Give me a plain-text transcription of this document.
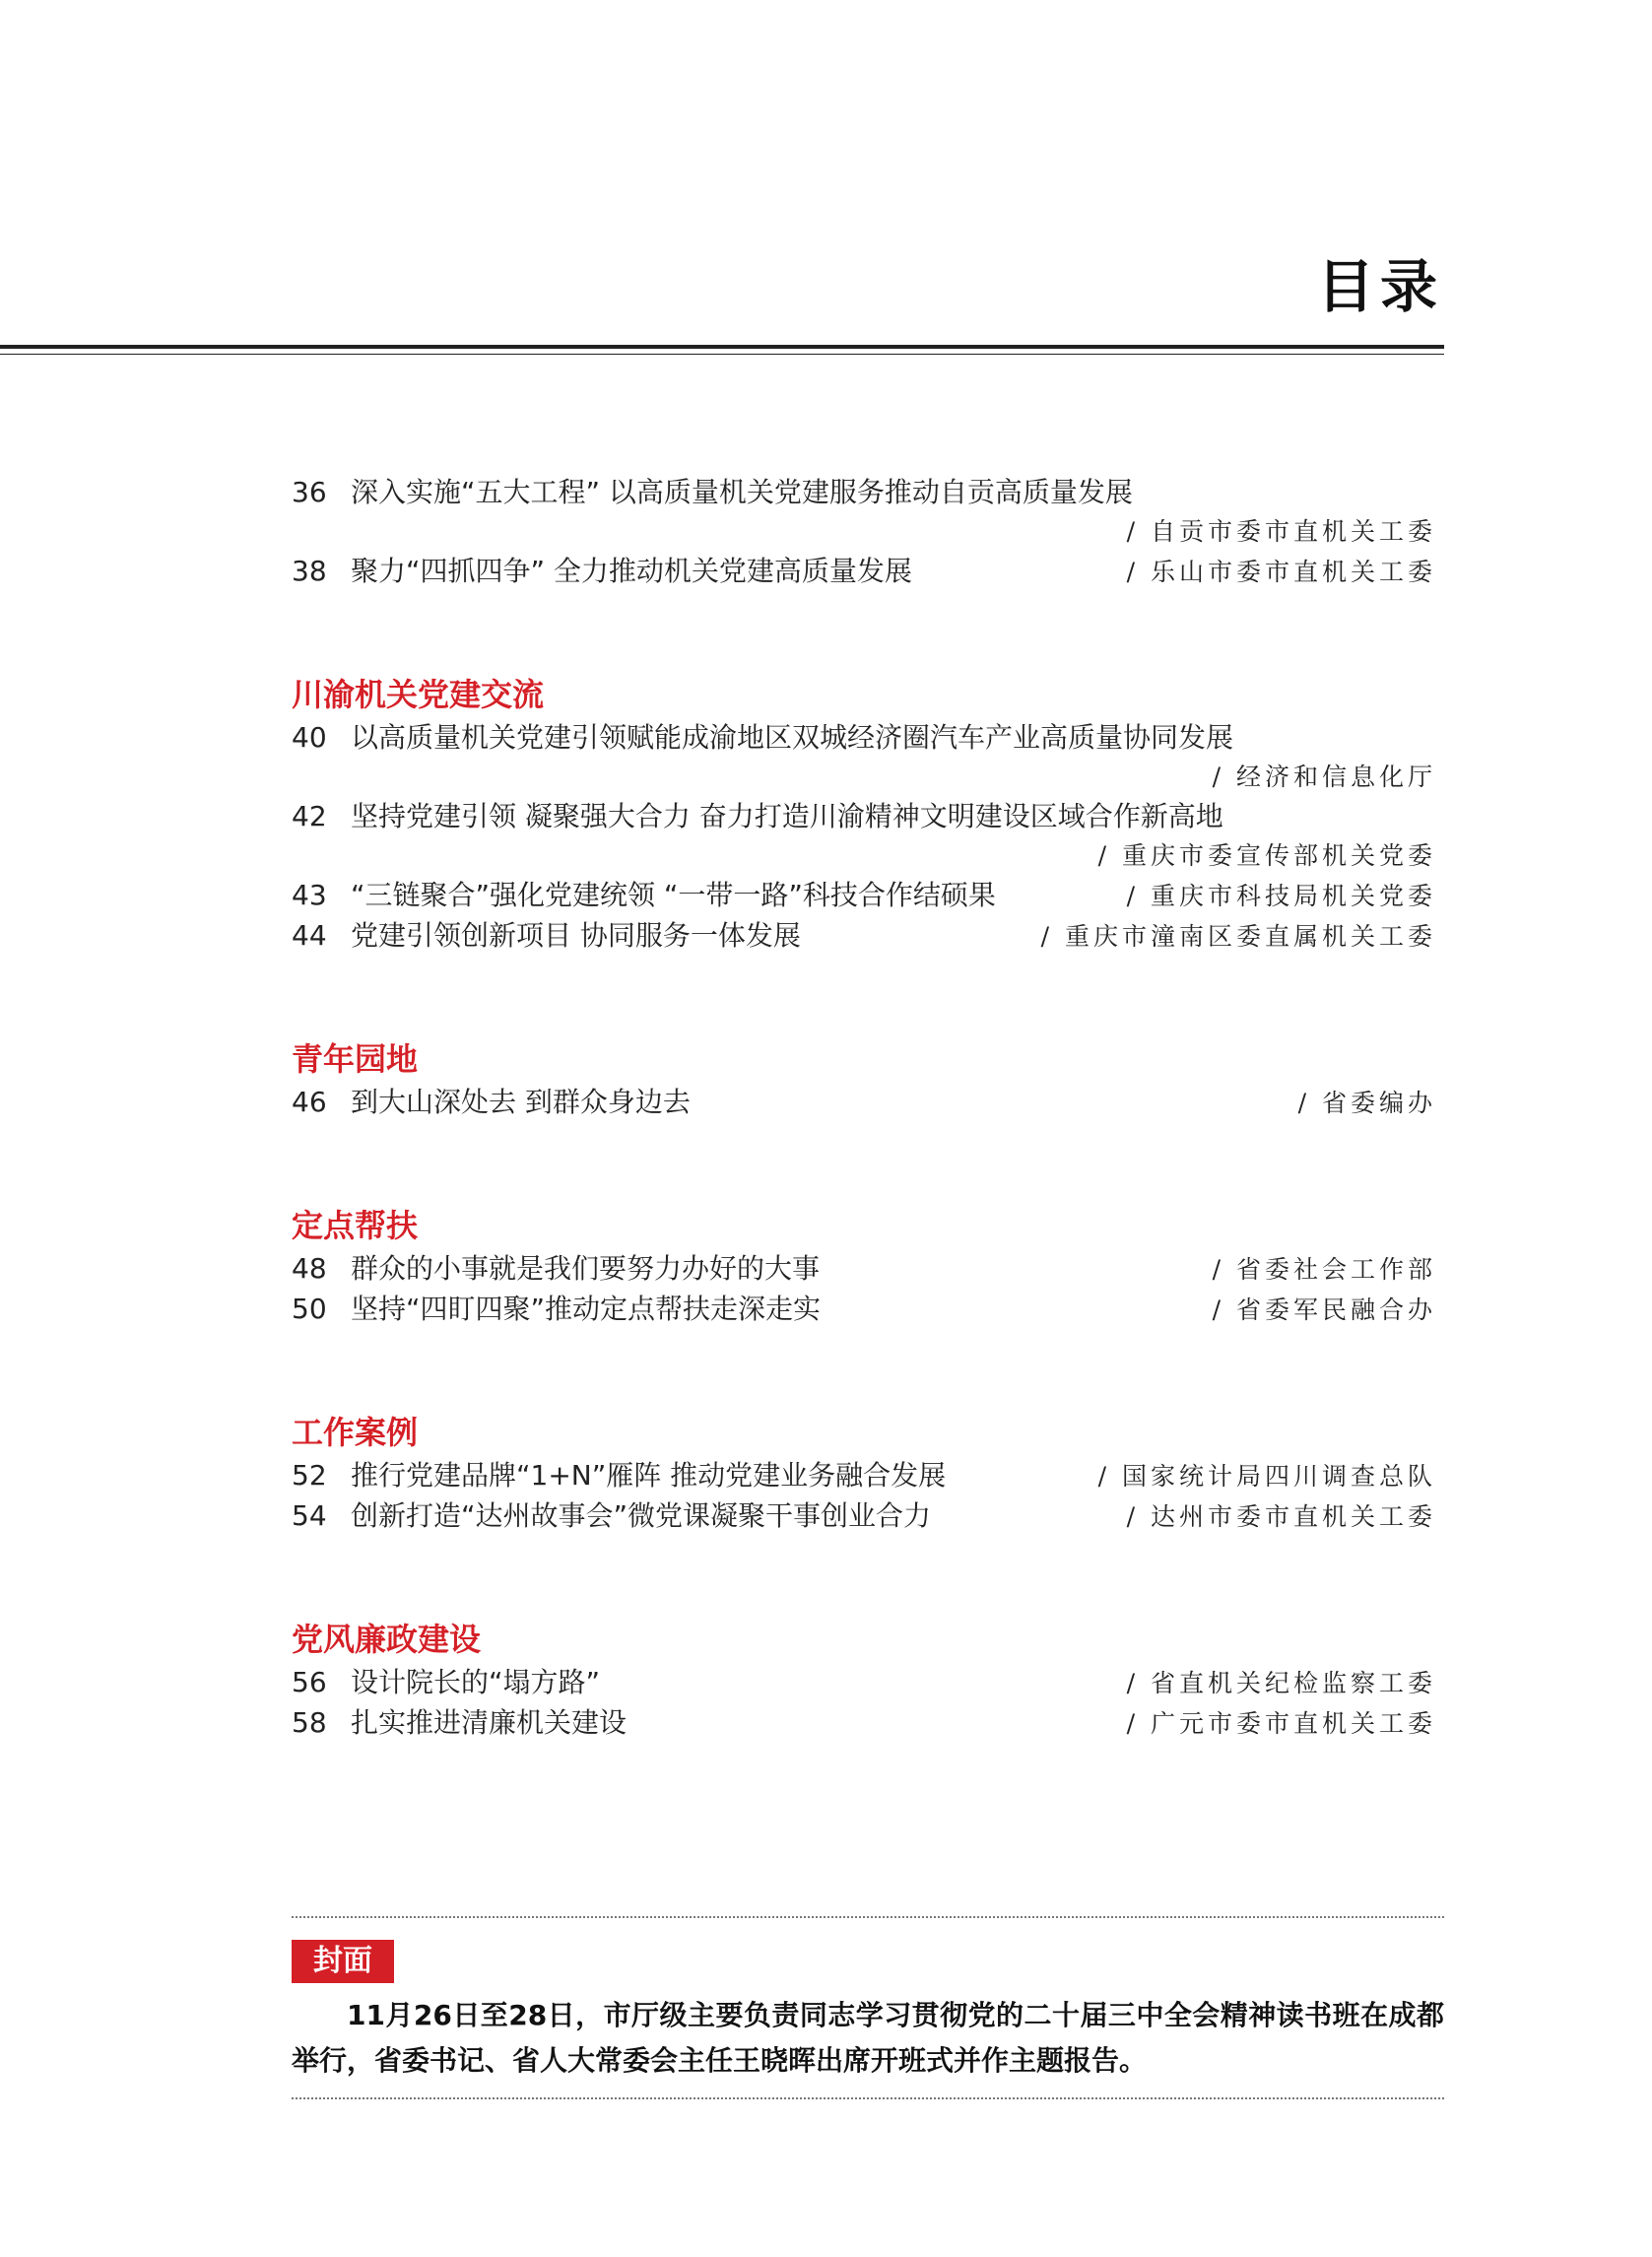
目录
36 深入实施“五大工程” 以高质量机关党建服务推动自贡高质量发展
/ 自贡市委市直机关工委
38 聚力“四抓四争” 全力推动机关党建高质量发展	/ 乐山市委市直机关工委
川渝机关党建交流
40 以高质量机关党建引领赋能成渝地区双城经济圈汽车产业高质量协同发展
/ 经济和信息化厅
42 坚持党建引领 凝聚强大合力 奋力打造川渝精神文明建设区域合作新高地
/ 重庆市委宣传部机关党委
43 “三链聚合”强化党建统领 “一带一路”科技合作结硕果	/ 重庆市科技局机关党委
44 党建引领创新项目 协同服务一体发展	/ 重庆市潼南区委直属机关工委
青年园地
46 到大山深处去 到群众身边去	/ 省委编办
定点帮扶
48 群众的小事就是我们要努力办好的大事	/ 省委社会工作部
50 坚持“四盯四聚”推动定点帮扶走深走实	/ 省委军民融合办
工作案例
52 推行党建品牌“1+N”雁阵 推动党建业务融合发展	/ 国家统计局四川调查总队
54 创新打造“达州故事会”微党课凝聚干事创业合力	/ 达州市委市直机关工委
党风廉政建设
56 设计院长的“塌方路”	/ 省直机关纪检监察工委
58 扎实推进清廉机关建设	/ 广元市委市直机关工委
封面

11月26日至28日，市厅级主要负责同志学习贯彻党的二十届三中全会精神读书班在成都举行，省委书记、省人大常委会主任王晓晖出席开班式并作主题报告。
